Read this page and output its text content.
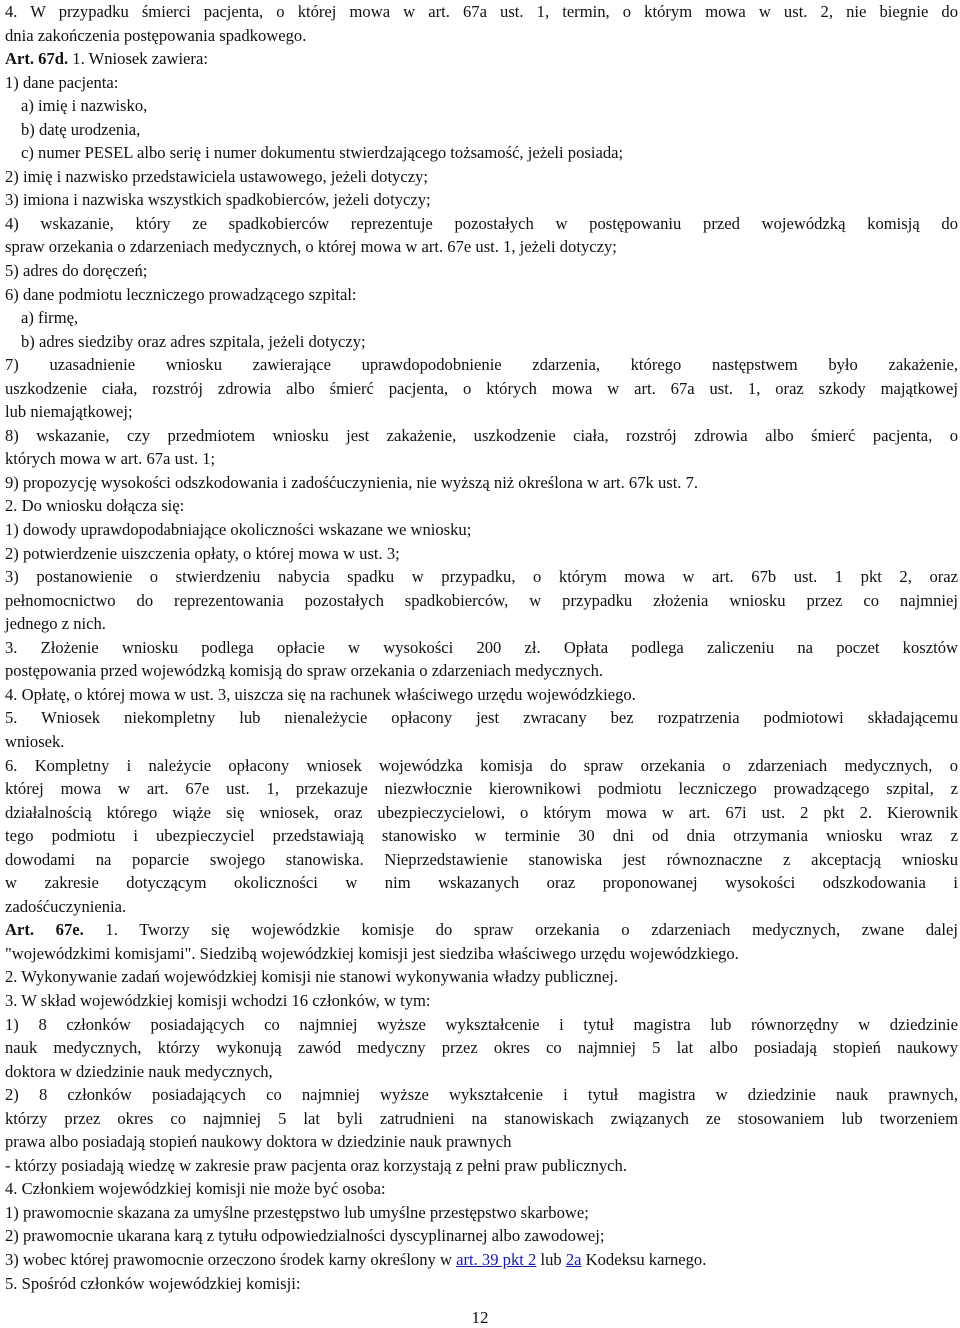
4. W przypadku śmierci pacjenta, o której mowa w art. 67a ust. 1, termin, o którym mowa w ust. 2, nie biegnie do
dnia zakończenia postępowania spadkowego.
Art. 67d. 1. Wniosek zawiera:
1) dane pacjenta:
a) imię i nazwisko,
b) datę urodzenia,
c) numer PESEL albo serię i numer dokumentu stwierdzającego tożsamość, jeżeli posiada;
2) imię i nazwisko przedstawiciela ustawowego, jeżeli dotyczy;
3) imiona i nazwiska wszystkich spadkobierców, jeżeli dotyczy;
4) wskazanie, który ze spadkobierców reprezentuje pozostałych w postępowaniu przed wojewódzką komisją do
spraw orzekania o zdarzeniach medycznych, o której mowa w art. 67e ust. 1, jeżeli dotyczy;
5) adres do doręczeń;
6) dane podmiotu leczniczego prowadzącego szpital:
a) firmę,
b) adres siedziby oraz adres szpitala, jeżeli dotyczy;
7) uzasadnienie wniosku zawierające uprawdopodobnienie zdarzenia, którego następstwem było zakażenie,
uszkodzenie ciała, rozstrój zdrowia albo śmierć pacjenta, o których mowa w art. 67a ust. 1, oraz szkody majątkowej
lub niemajątkowej;
8) wskazanie, czy przedmiotem wniosku jest zakażenie, uszkodzenie ciała, rozstrój zdrowia albo śmierć pacjenta, o
których mowa w art. 67a ust. 1;
9) propozycję wysokości odszkodowania i zadośćuczynienia, nie wyższą niż określona w art. 67k ust. 7.
2. Do wniosku dołącza się:
1) dowody uprawdopodabniające okoliczności wskazane we wniosku;
2) potwierdzenie uiszczenia opłaty, o której mowa w ust. 3;
3) postanowienie o stwierdzeniu nabycia spadku w przypadku, o którym mowa w art. 67b ust. 1 pkt 2, oraz
pełnomocnictwo do reprezentowania pozostałych spadkobierców, w przypadku złożenia wniosku przez co najmniej
jednego z nich.
3. Złożenie wniosku podlega opłacie w wysokości 200 zł. Opłata podlega zaliczeniu na poczet kosztów
postępowania przed wojewódzką komisją do spraw orzekania o zdarzeniach medycznych.
4. Opłatę, o której mowa w ust. 3, uiszcza się na rachunek właściwego urzędu wojewódzkiego.
5. Wniosek niekompletny lub nienależycie opłacony jest zwracany bez rozpatrzenia podmiotowi składającemu
wniosek.
6. Kompletny i należycie opłacony wniosek wojewódzka komisja do spraw orzekania o zdarzeniach medycznych, o
której mowa w art. 67e ust. 1, przekazuje niezwłocznie kierownikowi podmiotu leczniczego prowadzącego szpital, z
działalnością którego wiąże się wniosek, oraz ubezpieczycielowi, o którym mowa w art. 67i ust. 2 pkt 2. Kierownik
tego podmiotu i ubezpieczyciel przedstawiają stanowisko w terminie 30 dni od dnia otrzymania wniosku wraz z
dowodami na poparcie swojego stanowiska. Nieprzedstawienie stanowiska jest równoznaczne z akceptacją wniosku
w zakresie dotyczącym okoliczności w nim wskazanych oraz proponowanej wysokości odszkodowania i
zadośćuczynienia.
Art. 67e. 1. Tworzy się wojewódzkie komisje do spraw orzekania o zdarzeniach medycznych, zwane dalej
"wojewódzkimi komisjami". Siedzibą wojewódzkiej komisji jest siedziba właściwego urzędu wojewódzkiego.
2. Wykonywanie zadań wojewódzkiej komisji nie stanowi wykonywania władzy publicznej.
3. W skład wojewódzkiej komisji wchodzi 16 członków, w tym:
1) 8 członków posiadających co najmniej wyższe wykształcenie i tytuł magistra lub równorzędny w dziedzinie
nauk medycznych, którzy wykonują zawód medyczny przez okres co najmniej 5 lat albo posiadają stopień naukowy
doktora w dziedzinie nauk medycznych,
2) 8 członków posiadających co najmniej wyższe wykształcenie i tytuł magistra w dziedzinie nauk prawnych,
którzy przez okres co najmniej 5 lat byli zatrudnieni na stanowiskach związanych ze stosowaniem lub tworzeniem
prawa albo posiadają stopień naukowy doktora w dziedzinie nauk prawnych
- którzy posiadają wiedzę w zakresie praw pacjenta oraz korzystają z pełni praw publicznych.
4. Członkiem wojewódzkiej komisji nie może być osoba:
1) prawomocnie skazana za umyślne przestępstwo lub umyślne przestępstwo skarbowe;
2) prawomocnie ukarana karą z tytułu odpowiedzialności dyscyplinarnej albo zawodowej;
3) wobec której prawomocnie orzeczono środek karny określony w art. 39 pkt 2 lub 2a Kodeksu karnego.
5. Spośród członków wojewódzkiej komisji:
12
